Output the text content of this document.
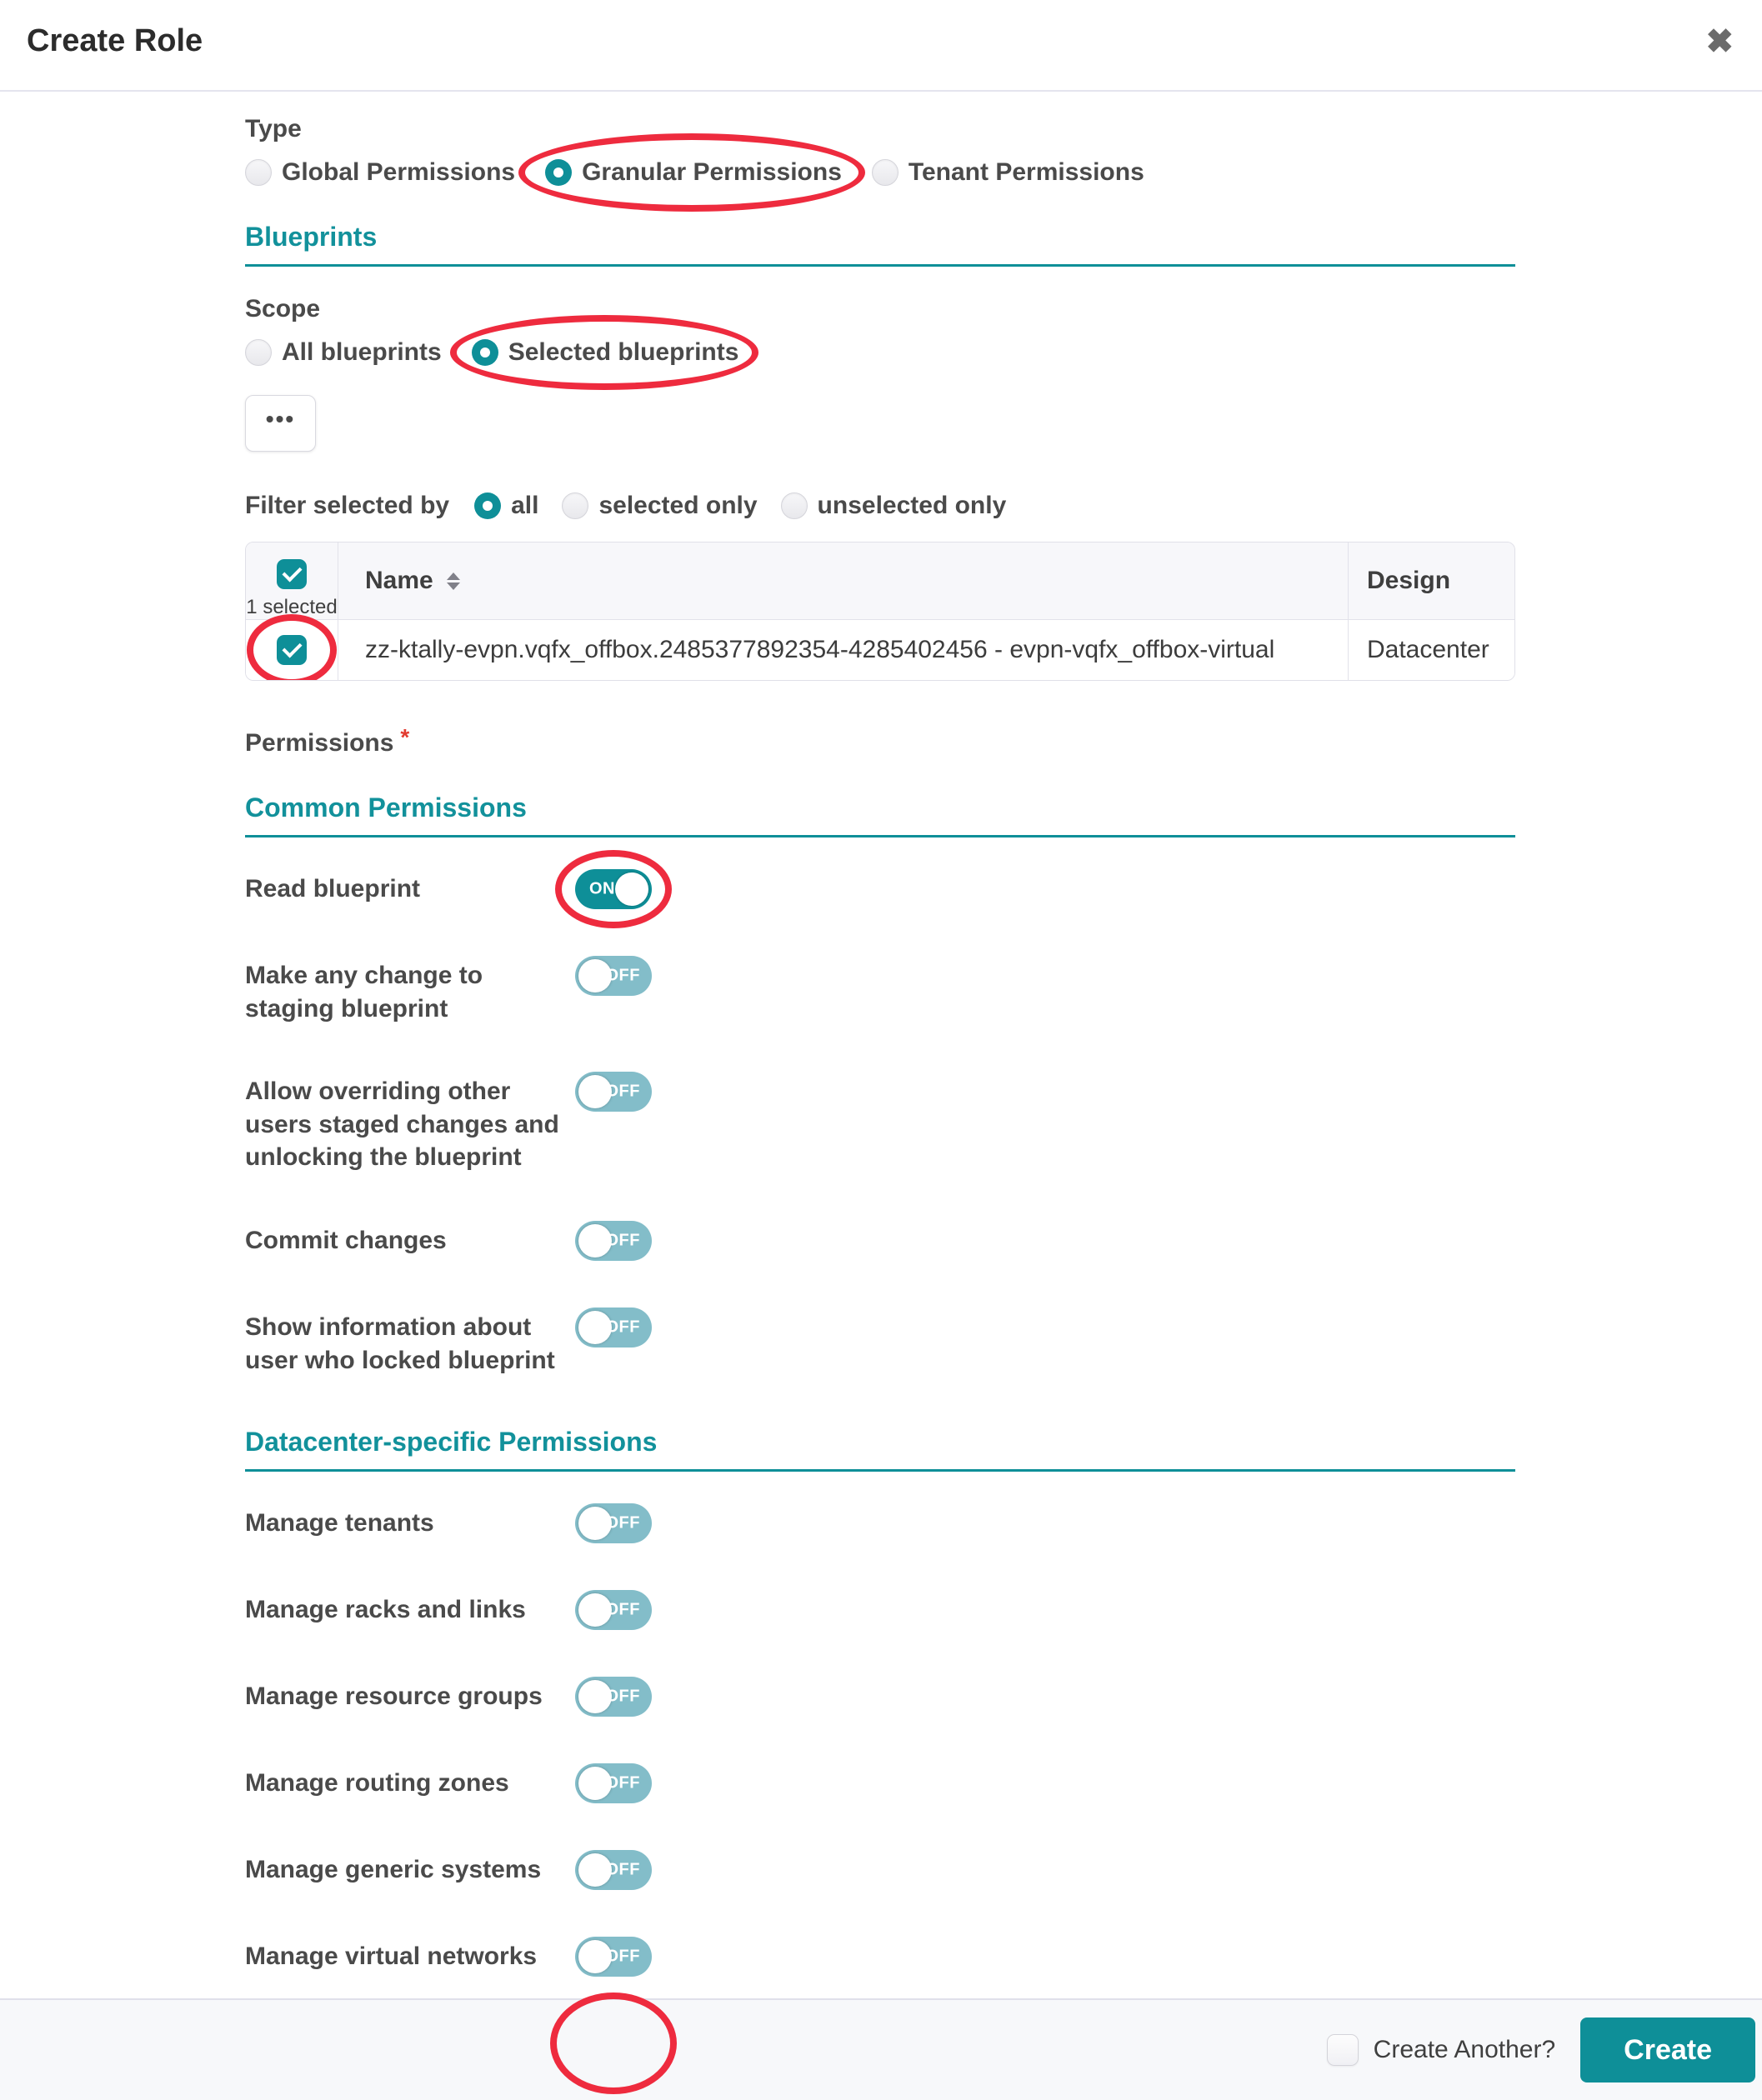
Create Role	✖
Type
Global Permissions	Granular Permissions	Tenant Permissions
Blueprints
Scope
All blueprints	Selected blueprints
•••
Filter selected by all selected only unselected only
1 selected
Name	Design
zz-ktally-evpn.vqfx_offbox.2485377892354-4285402456 - evpn-vqfx_offbox-virtual	Datacenter
Permissions *
Common Permissions
Read blueprint	ON
Make any change to staging blueprint
OFF
Allow overriding other users staged changes and unlocking the blueprint
OFF
Commit changes	OFF
Show information about user who locked blueprint
OFF
Datacenter-specific Permissions
Manage tenants	OFF
Manage racks and links	OFF
Manage resource groups	OFF
Manage routing zones	OFF
Manage generic systems	OFF
Manage virtual networks	OFF
Create Another?	Create
